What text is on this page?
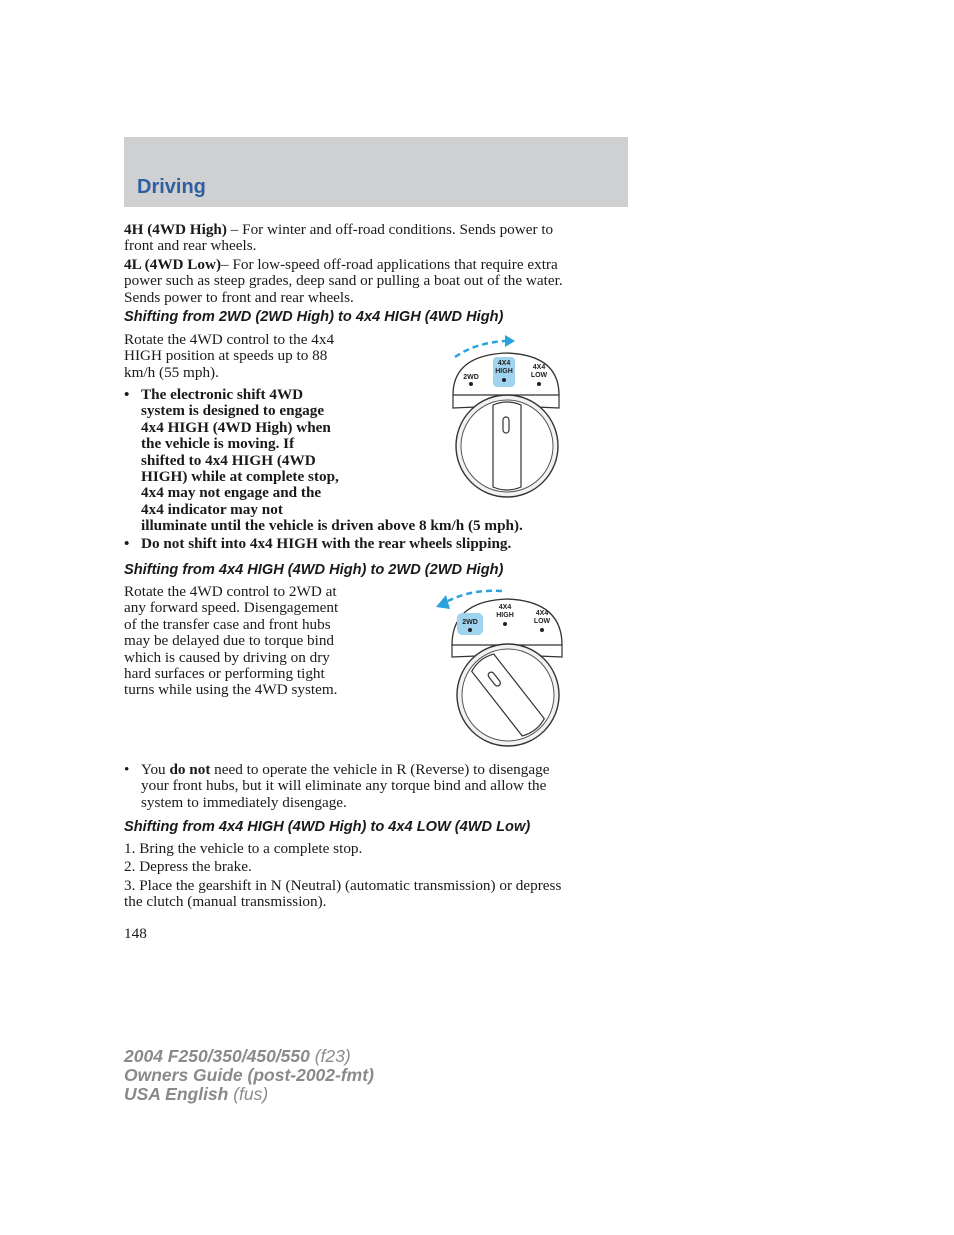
Driving
4H (4WD High) – For winter and off-road conditions. Sends power to
front and rear wheels.
4L (4WD Low)– For low-speed off-road applications that require extra
power such as steep grades, deep sand or pulling a boat out of the water.
Sends power to front and rear wheels.
Shifting from 2WD (2WD High) to 4x4 HIGH (4WD High)
Rotate the 4WD control to the 4x4
HIGH position at speeds up to 88
km/h (55 mph).
• The electronic shift 4WD
system is designed to engage
4x4 HIGH (4WD High) when
the vehicle is moving. If
shifted to 4x4 HIGH (4WD
HIGH) while at complete stop,
4x4 may not engage and the
4x4 indicator may not
illuminate until the vehicle is driven above 8 km/h (5 mph).
• Do not shift into 4x4 HIGH with the rear wheels slipping.
2WD
4X4
HIGH
4X4
LOW
Shifting from 4x4 HIGH (4WD High) to 2WD (2WD High)
Rotate the 4WD control to 2WD at
any forward speed. Disengagement
of the transfer case and front hubs
may be delayed due to torque bind
which is caused by driving on dry
hard surfaces or performing tight
turns while using the 4WD system.
2WD
4X4
HIGH	4X4
LOW
• You do not need to operate the vehicle in R (Reverse) to disengage
your front hubs, but it will eliminate any torque bind and allow the
system to immediately disengage.
Shifting from 4x4 HIGH (4WD High) to 4x4 LOW (4WD Low)
1. Bring the vehicle to a complete stop.
2. Depress the brake.
3. Place the gearshift in N (Neutral) (automatic transmission) or depress
the clutch (manual transmission).
148
2004 F250/350/450/550 (f23)
Owners Guide (post-2002-fmt)
USA English (fus)
